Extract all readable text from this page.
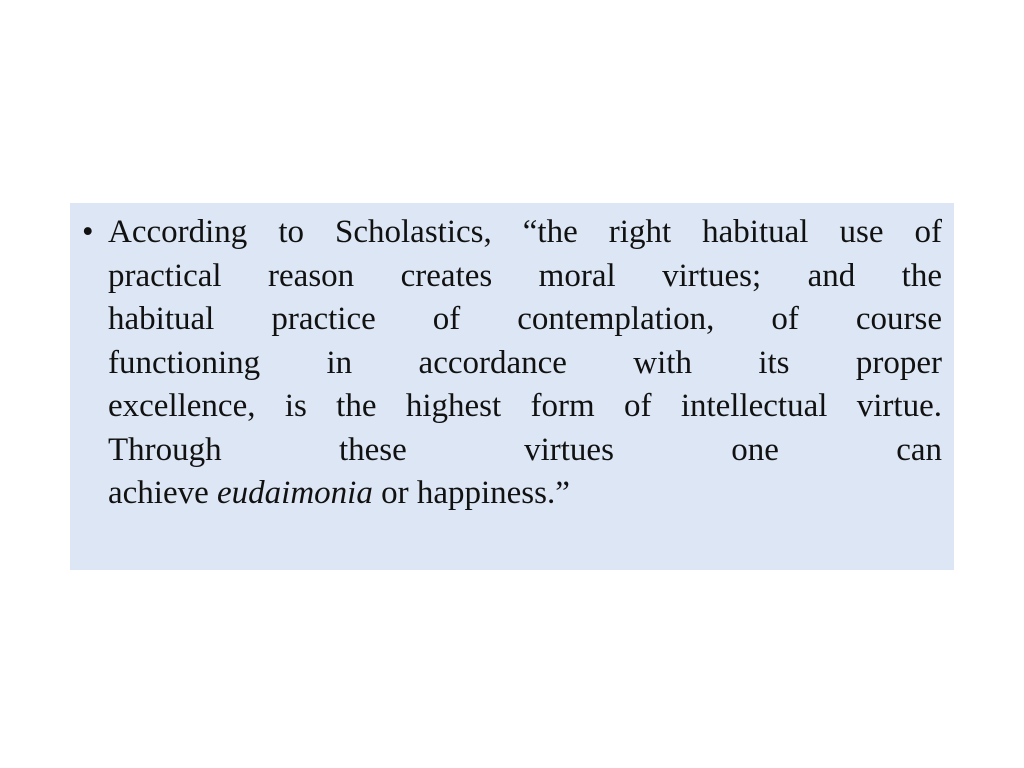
• According to Scholastics, “the right habitual use of
practical reason creates moral virtues; and the
habitual practice of contemplation, of course
functioning in accordance with its proper
excellence, is the highest form of intellectual virtue.
Through these virtues one can
achieve eudaimonia or happiness.”
